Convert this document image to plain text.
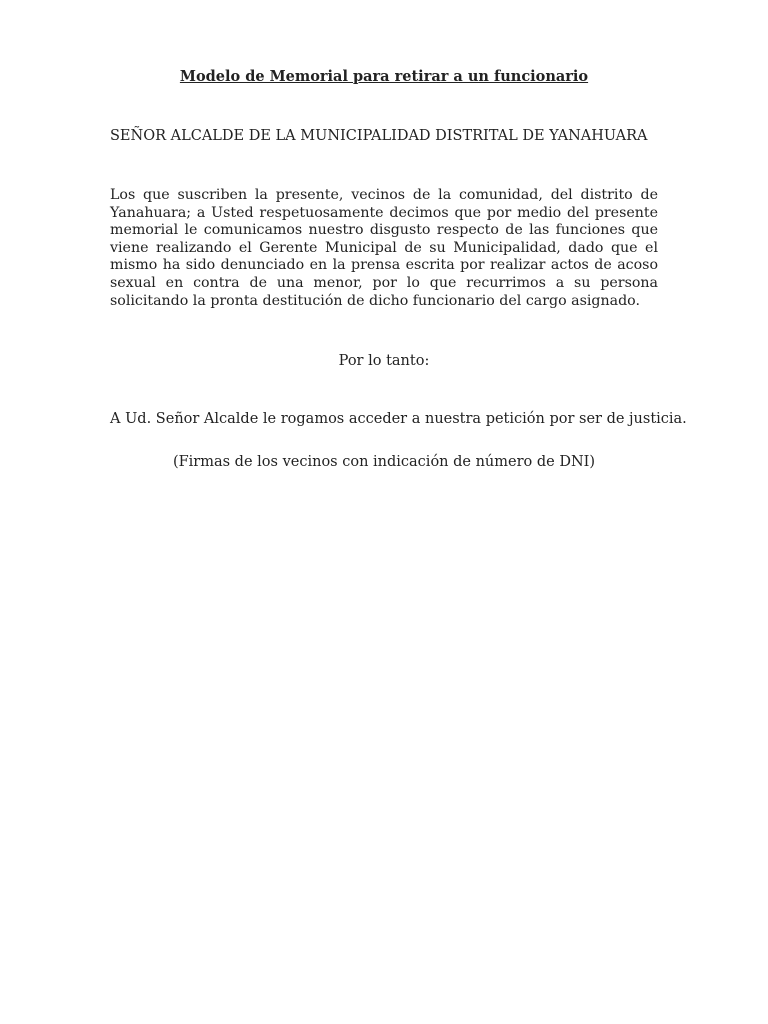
Modelo de Memorial para retirar a un funcionario
SEÑOR ALCALDE DE LA MUNICIPALIDAD DISTRITAL DE YANAHUARA
Los que suscriben la presente, vecinos de la comunidad, del distrito de Yanahuara; a Usted respetuosamente decimos que por medio del presente memorial le comunicamos nuestro disgusto respecto de las funciones que viene realizando el Gerente Municipal de su Municipalidad, dado que el mismo ha sido denunciado en la prensa escrita por realizar actos de acoso sexual en contra de una menor, por lo que recurrimos a su persona solicitando la pronta destitución de dicho funcionario del cargo asignado.
Por lo tanto:
A Ud. Señor Alcalde le rogamos acceder a nuestra petición por ser de justicia.
(Firmas de los vecinos con indicación de número de DNI)
